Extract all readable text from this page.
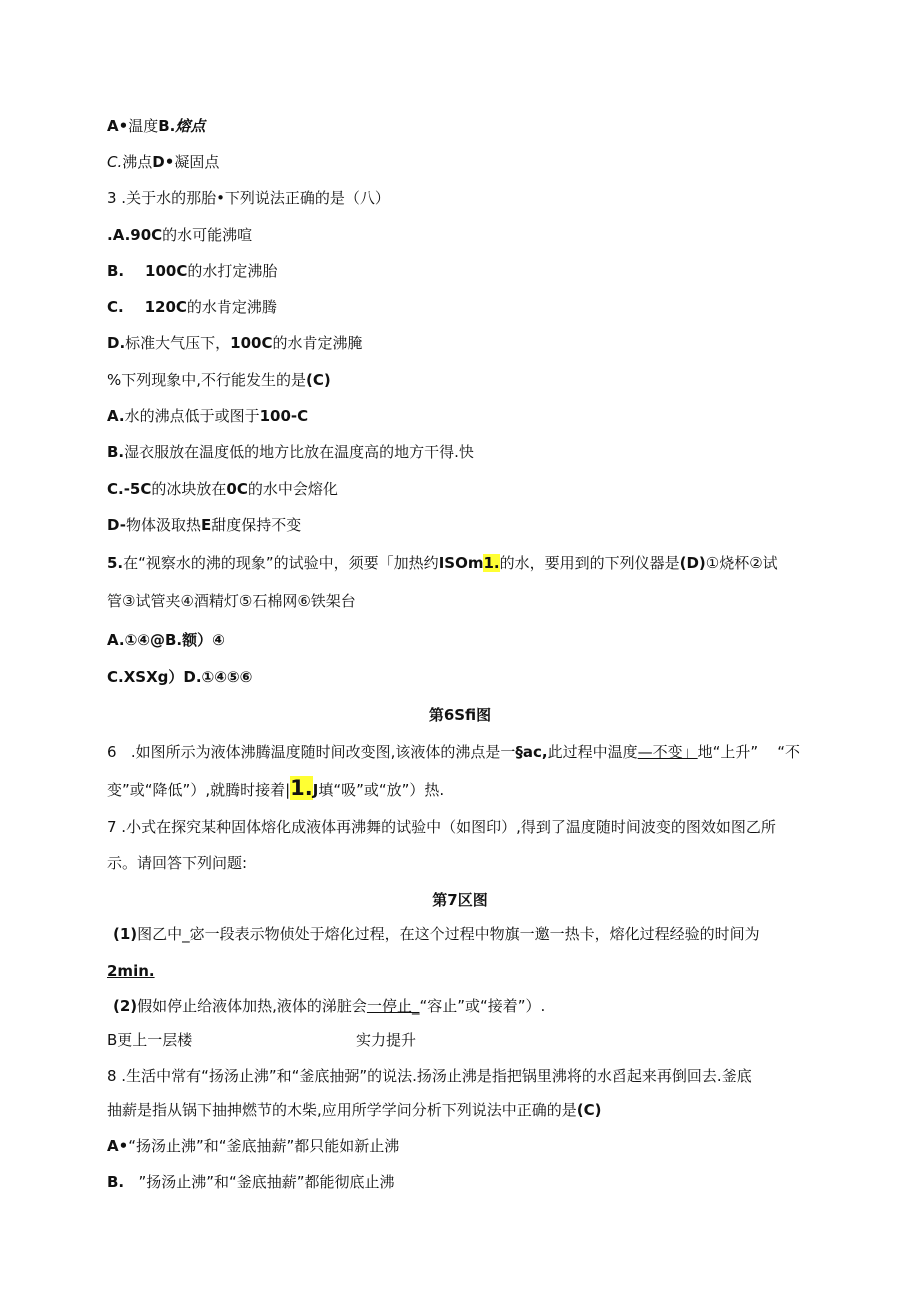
A•温度B.熔点
C.沸点D•凝固点
3 .关于水的那胎•下列说法正确的是（八）
.A.90C的水可能沸喧
B.    100C的水打定沸胎
C.    120C的水肯定沸腾
D.标准大气压下，100C的水肯定沸腌
%下列现象中,不行能发生的是(C)
A.水的沸点低于或图于100-C
B.湿衣服放在温度低的地方比放在温度高的地方干得.快
C.-5C的冰块放在0C的水中会熔化
D-物体汲取热E甜度保持不变
5.在“视察水的沸的现象”的试验中，须要「加热约ISOm1.的水，要用到的下列仪器是(D)①烧杯②试
管③试管夹④酒精灯⑤石棉网⑥铁架台
A.①④@B.额）④
C.XSXg）D.①④⑤⑥
第6Sfi图
6   .如图所示为液体沸腾温度随时间改变图,该液体的沸点是一§ac,此过程中温度—不变」地“上升”    “不
变”或“降低”）,就腾时接着|1.J填“吸”或“放”）热.
7 .小式在探究某种固体熔化成液体再沸舞的试验中（如图印）,得到了温度随时间波变的图效如图乙所
示。请回答下列问题:
第7区图
(1)图乙中_宓一段表示物侦处于熔化过程，在这个过程中物旗一邀一热卡，熔化过程经验的时间为
2min.
(2)假如停止给液体加热,液体的涕脏会一停止_“容止”或“接着”）.
B更上一层楼	实力提升
8 .生活中常有“扬汤止沸”和“釜底抽弼”的说法.扬汤止沸是指把锅里沸将的水舀起来再倒回去.釜底
抽薪是指从锅下抽抻燃节的木柴,应用所学学问分析下列说法中正确的是(C)
A•“扬汤止沸”和“釜底抽薪”都只能如新止沸
B.   ”扬汤止沸”和“釜底抽薪”都能彻底止沸
